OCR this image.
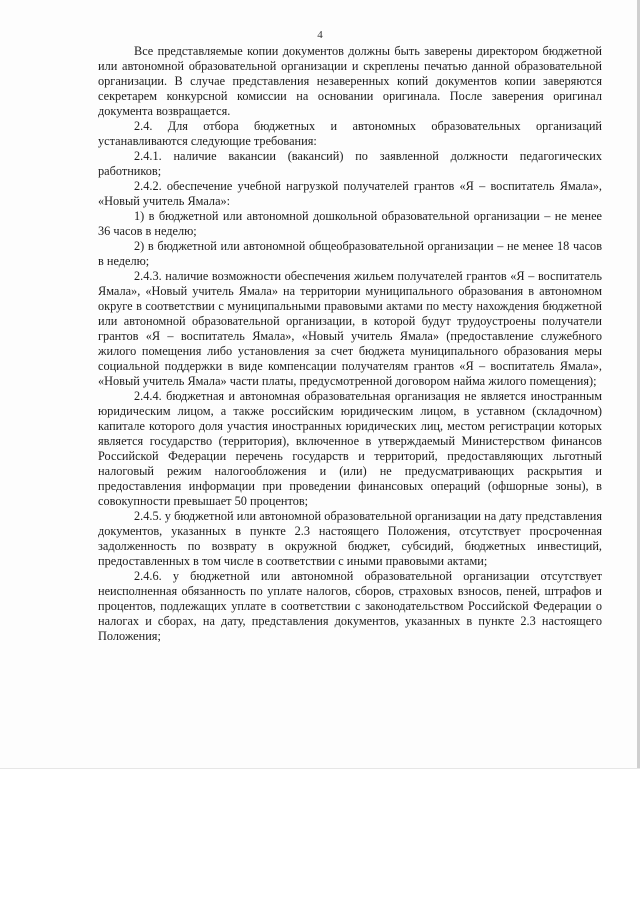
4

Все представляемые копии документов должны быть заверены директором бюджетной или автономной образовательной организации и скреплены печатью данной образовательной организации. В случае представления незаверенных копий документов копии заверяются секретарем конкурсной комиссии на основании оригинала. После заверения оригинал документа возвращается.

2.4. Для отбора бюджетных и автономных образовательных организаций устанавливаются следующие требования:

2.4.1. наличие вакансии (вакансий) по заявленной должности педагогических работников;

2.4.2. обеспечение учебной нагрузкой получателей грантов «Я – воспитатель Ямала», «Новый учитель Ямала»:

1) в бюджетной или автономной дошкольной образовательной организации – не менее 36 часов в неделю;

2) в бюджетной или автономной общеобразовательной организации – не менее 18 часов в неделю;

2.4.3. наличие возможности обеспечения жильем получателей грантов «Я – воспитатель Ямала», «Новый учитель Ямала» на территории муниципального образования в автономном округе в соответствии с муниципальными правовыми актами по месту нахождения бюджетной или автономной образовательной организации, в которой будут трудоустроены получатели грантов «Я – воспитатель Ямала», «Новый учитель Ямала» (предоставление служебного жилого помещения либо установления за счет бюджета муниципального образования меры социальной поддержки в виде компенсации получателям грантов «Я – воспитатель Ямала», «Новый учитель Ямала» части платы, предусмотренной договором найма жилого помещения);

2.4.4. бюджетная и автономная образовательная организация не является иностранным юридическим лицом, а также российским юридическим лицом, в уставном (складочном) капитале которого доля участия иностранных юридических лиц, местом регистрации которых является государство (территория), включенное в утверждаемый Министерством финансов Российской Федерации перечень государств и территорий, предоставляющих льготный налоговый режим налогообложения и (или) не предусматривающих раскрытия и предоставления информации при проведении финансовых операций (офшорные зоны), в совокупности превышает 50 процентов;

2.4.5. у бюджетной или автономной образовательной организации на дату представления документов, указанных в пункте 2.3 настоящего Положения, отсутствует просроченная задолженность по возврату в окружной бюджет, субсидий, бюджетных инвестиций, предоставленных в том числе в соответствии с иными правовыми актами;

2.4.6. у бюджетной или автономной образовательной организации отсутствует неисполненная обязанность по уплате налогов, сборов, страховых взносов, пеней, штрафов и процентов, подлежащих уплате в соответствии с законодательством Российской Федерации о налогах и сборах, на дату, представления документов, указанных в пункте 2.3 настоящего Положения;
